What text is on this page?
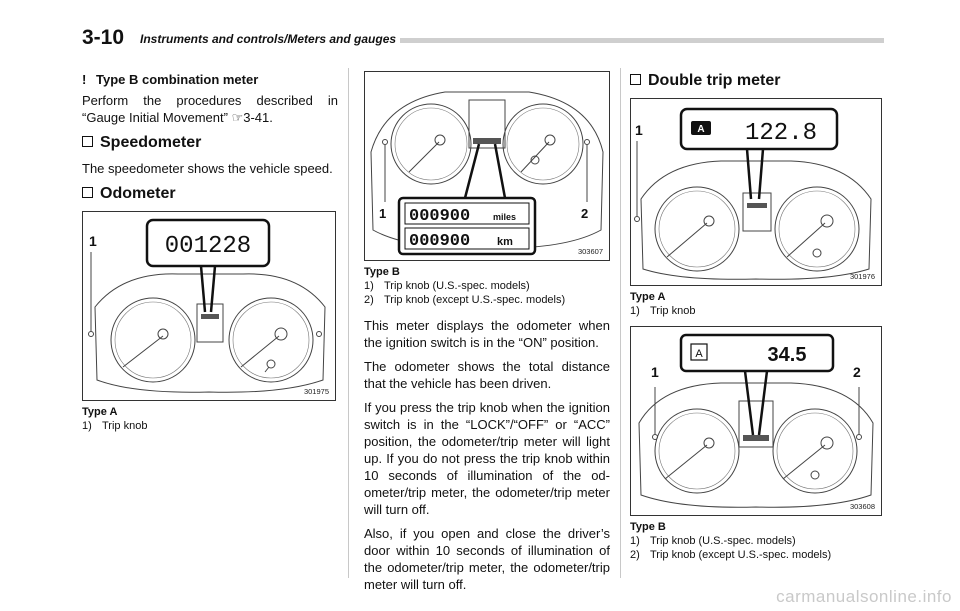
3-10 Instruments and controls/Meters and gauges
! Type B combination meter

Perform the procedures described in “Gauge Initial Movement” ☞3-41.

Speedometer

The speedometer shows the vehicle speed.

Odometer
001228
1
301975
Type A
1) Trip knob
000900	miles
000900 km
1	2
303607
Type B
1) Trip knob (U.S.-spec. models)
2) Trip knob (except U.S.-spec. models)

This meter displays the odometer when the ignition switch is in the “ON” position.

The odometer shows the total distance that the vehicle has been driven.

If you press the trip knob when the ignition switch is in the “LOCK”/“OFF” or “ACC” position, the odometer/trip meter will light up. If you do not press the trip knob within 10 seconds of illumination of the od-ometer/trip meter, the odometer/trip meter will turn off.

Also, if you open and close the driver’s door within 10 seconds of illumination of the odometer/trip meter, the odometer/trip meter will turn off.

Double trip meter
A 122.8
1
301976
Type A
1) Trip knob
A	34.5
1	2
303608
Type B
1) Trip knob (U.S.-spec. models)
2) Trip knob (except U.S.-spec. models)
carmanualsonline.info
